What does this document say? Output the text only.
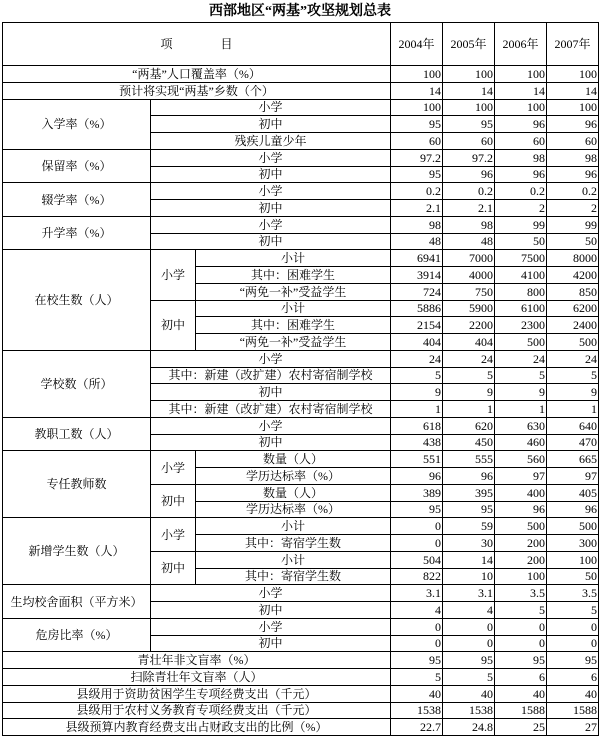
西部地区“两基”攻坚规划总表
项　　　　目			2004年	2005年	2006年	2007年
“两基”人口覆盖率（%）			100	100	100	100
预计将实现“两基”乡数（个）			14	14	14	14
入学率（%）	小学		100	100	100	100
	初中		95	95	96	96
	残疾儿童少年		60	60	60	60
保留率（%）	小学		97.2	97.2	98	98
	初中		95	96	96	96
辍学率（%）	小学		0.2	0.2	0.2	0.2
	初中		2.1	2.1	2	2
升学率（%）	小学		98	98	99	99
	初中		48	48	50	50
在校生数（人）	小学	小计	6941	7000	7500	8000
		其中：困难学生	3914	4000	4100	4200
		“两免一补”受益学生	724	750	800	850
	初中	小计	5886	5900	6100	6200
		其中：困难学生	2154	2200	2300	2400
		“两免一补”受益学生	404	404	500	500
学校数（所）	小学		24	24	24	24
	其中：新建（改扩建）农村寄宿制学校		5	5	5	5
	初中		9	9	9	9
	其中：新建（改扩建）农村寄宿制学校		1	1	1	1
教职工数（人）	小学		618	620	630	640
	初中		438	450	460	470
专任教师数	小学	数量（人）	551	555	560	665
		学历达标率（%）	96	96	97	97
	初中	数量（人）	389	395	400	405
		学历达标率（%）	95	95	96	96
新增学生数（人）	小学	小计	0	59	500	500
		其中：寄宿学生数	0	30	200	300
	初中	小计	504	14	200	100
		其中：寄宿学生数	822	10	100	50
生均校舍面积（平方米）	小学		3.1	3.1	3.5	3.5
	初中		4	4	5	5
危房比率（%）	小学		0	0	0	0
	初中		0	0	0	0
青壮年非文盲率（%）			95	95	95	95
扫除青壮年文盲率（人）			5	5	6	6
县级用于资助贫困学生专项经费支出（千元）			40	40	40	40
县级用于农村义务教育专项经费支出（千元）			1538	1538	1588	1588
县级预算内教育经费支出占财政支出的比例（%）			22.7	24.8	25	27
